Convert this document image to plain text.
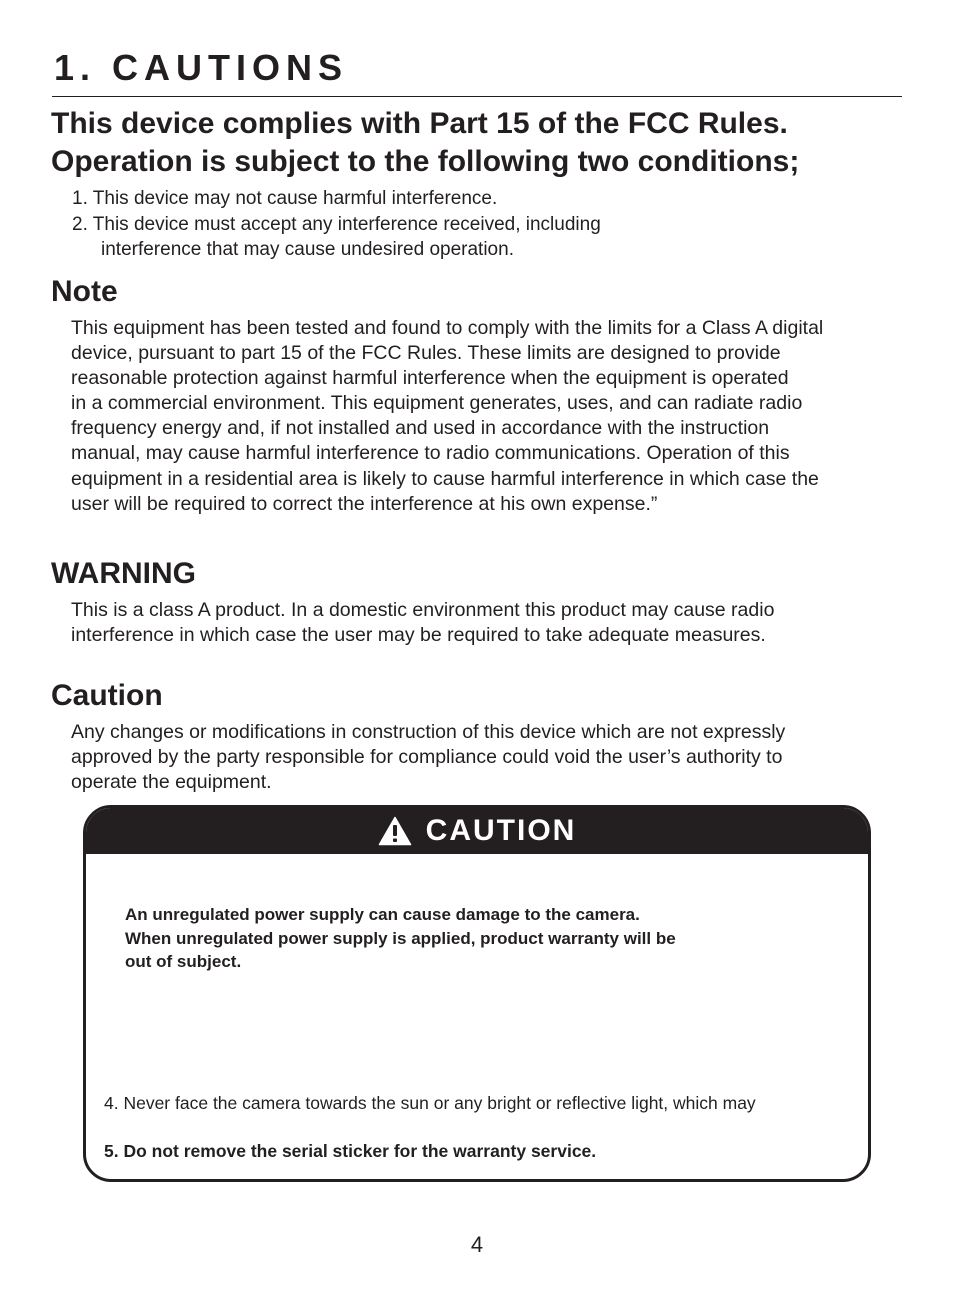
1. CAUTIONS
This device complies with Part 15 of the FCC Rules.
Operation is subject to the following two conditions;
1. This device may not cause harmful interference.
2. This device must accept any interference received, including
interference that may cause undesired operation.
Note
This equipment has been tested and found to comply with the limits for a Class A digital
device, pursuant to part 15 of the FCC Rules. These limits are designed to provide
reasonable protection against harmful interference when the equipment is operated
in a commercial environment. This equipment generates, uses, and can radiate radio
frequency energy and, if not installed and used in accordance with the instruction
manual, may cause harmful interference to radio communications. Operation of this
equipment in a residential area is likely to cause harmful interference in which case the
user will be required to correct the interference at his own expense.”
WARNING
This is a class A product. In a domestic environment this product may cause radio
interference in which case the user may be required to take adequate measures.
Caution
Any changes or modifications in construction of this device which are not expressly
approved by the party responsible for compliance could void the user’s authority to
operate the equipment.
CAUTION
An unregulated power supply can cause damage to the camera.
When unregulated power supply is applied, product warranty will be
out of subject.
4. Never face the camera towards the sun or any bright or reflective light, which may
5. Do not remove the serial sticker for the warranty service.
4
